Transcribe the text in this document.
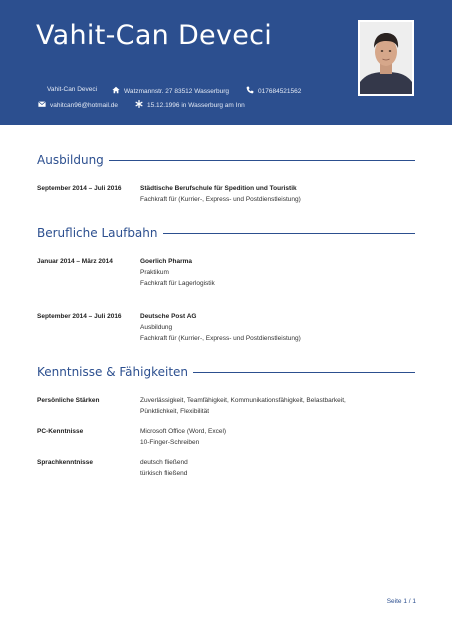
Vahit-Can Deveci
Vahit-Can Deveci	Watzmannstr. 27 83512 Wasserburg	017684521562
vahitcan96@hotmail.de	15.12.1996 in Wasserburg am Inn
Ausbildung
September 2014 – Juli 2016	Städtische Berufschule für Spedition und Touristik
Fachkraft für (Kurrier-, Express- und Postdienstleistung)
Berufliche Laufbahn
Januar 2014 – März 2014	Goerlich Pharma
Praktikum
Fachkraft für Lagerlogistik
September 2014 – Juli 2016	Deutsche Post AG
Ausbildung
Fachkraft für (Kurrier-, Express- und Postdienstleistung)
Kenntnisse & Fähigkeiten
Persönliche Stärken	Zuverlässigkeit, Teamfähigkeit, Kommunikationsfähigkeit, Belastbarkeit,
Pünktlichkeit, Flexibilität
PC-Kenntnisse	Microsoft Office (Word, Excel)
10-Finger-Schreiben
Sprachkenntnisse	deutsch fließend
türkisch fließend
Seite 1 / 1
